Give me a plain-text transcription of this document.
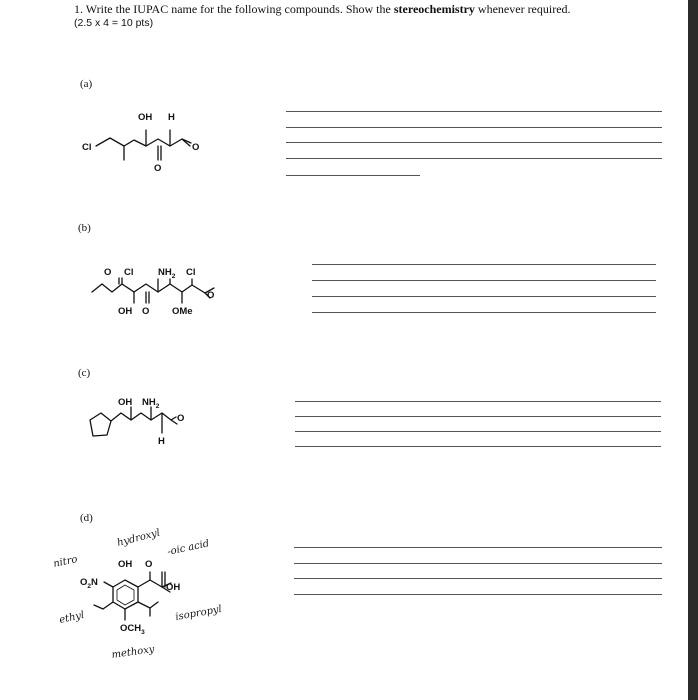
1. Write the IUPAC name for the following compounds. Show the stereochemistry whenever required.
(2.5 x 4 = 10 pts)
(a)
(b)
(c)
(d)
OH H
Cl	O
O
O Cl	$NH_2$ Cl
OH O OMe
O
OH $NH_2$
O
H
OH O
$O_2N$	OH
$OCH_3$
nitro
hydroxyl -oic acid
ethyl	isopropyl
methoxy
